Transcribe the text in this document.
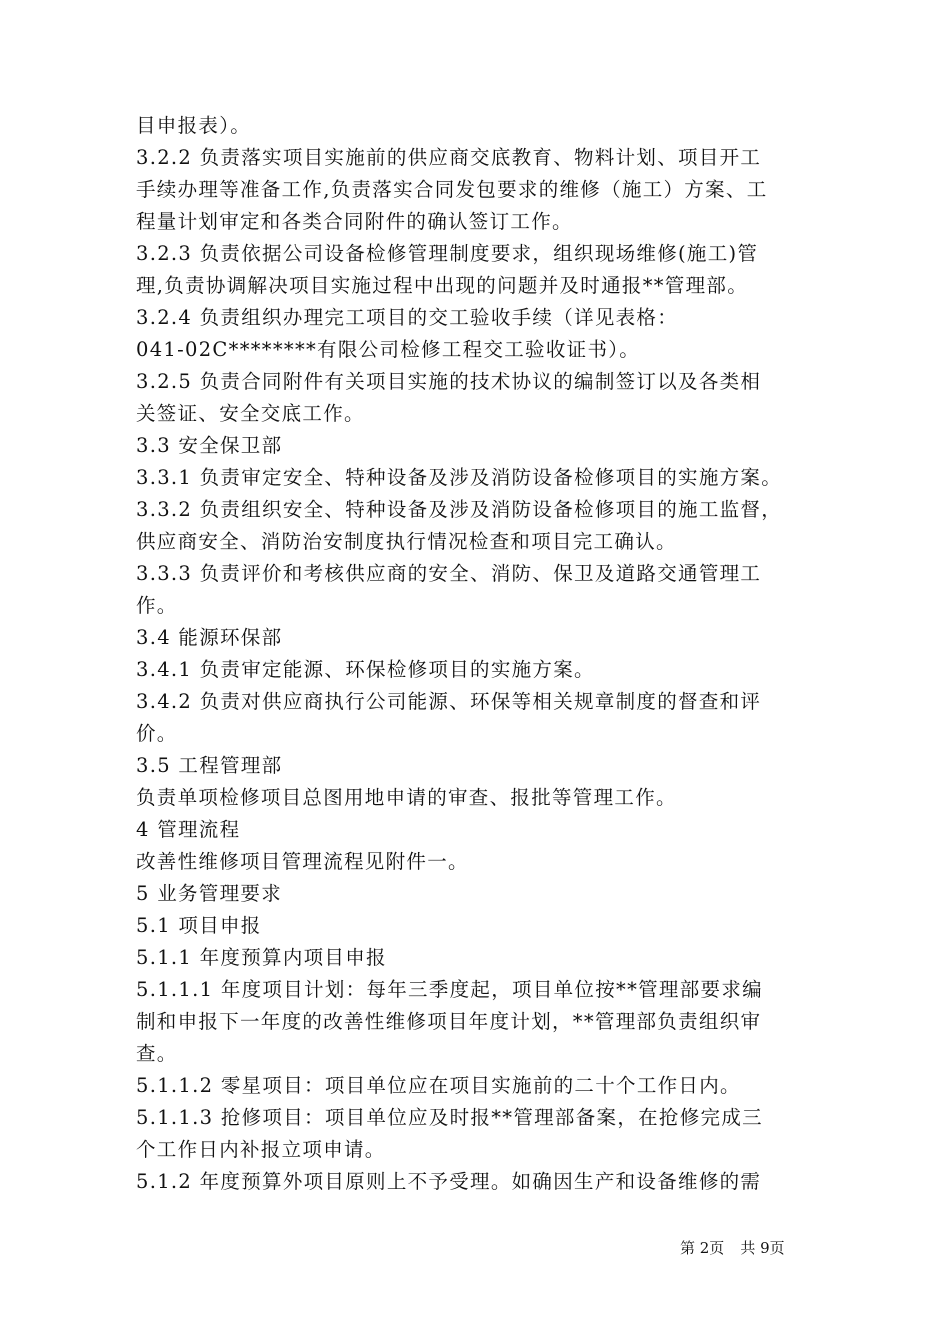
目申报表）。
3.2.2 负责落实项目实施前的供应商交底教育、物料计划、项目开工
手续办理等准备工作,负责落实合同发包要求的维修（施工）方案、工
程量计划审定和各类合同附件的确认签订工作。
3.2.3 负责依据公司设备检修管理制度要求，组织现场维修(施工)管
理,负责协调解决项目实施过程中出现的问题并及时通报**管理部。
3.2.4 负责组织办理完工项目的交工验收手续（详见表格：
041-02C********有限公司检修工程交工验收证书）。
3.2.5 负责合同附件有关项目实施的技术协议的编制签订以及各类相
关签证、安全交底工作。
3.3 安全保卫部
3.3.1 负责审定安全、特种设备及涉及消防设备检修项目的实施方案。
3.3.2 负责组织安全、特种设备及涉及消防设备检修项目的施工监督，
供应商安全、消防治安制度执行情况检查和项目完工确认。
3.3.3 负责评价和考核供应商的安全、消防、保卫及道路交通管理工
作。
3.4 能源环保部
3.4.1 负责审定能源、环保检修项目的实施方案。
3.4.2 负责对供应商执行公司能源、环保等相关规章制度的督查和评
价。
3.5 工程管理部
负责单项检修项目总图用地申请的审查、报批等管理工作。
4 管理流程
改善性维修项目管理流程见附件一。
5 业务管理要求
5.1 项目申报
5.1.1 年度预算内项目申报
5.1.1.1 年度项目计划：每年三季度起，项目单位按**管理部要求编
制和申报下一年度的改善性维修项目年度计划，**管理部负责组织审
查。
5.1.1.2 零星项目：项目单位应在项目实施前的二十个工作日内。
5.1.1.3 抢修项目：项目单位应及时报**管理部备案，在抢修完成三
个工作日内补报立项申请。
5.1.2 年度预算外项目原则上不予受理。如确因生产和设备维修的需
第 2页 共 9页
